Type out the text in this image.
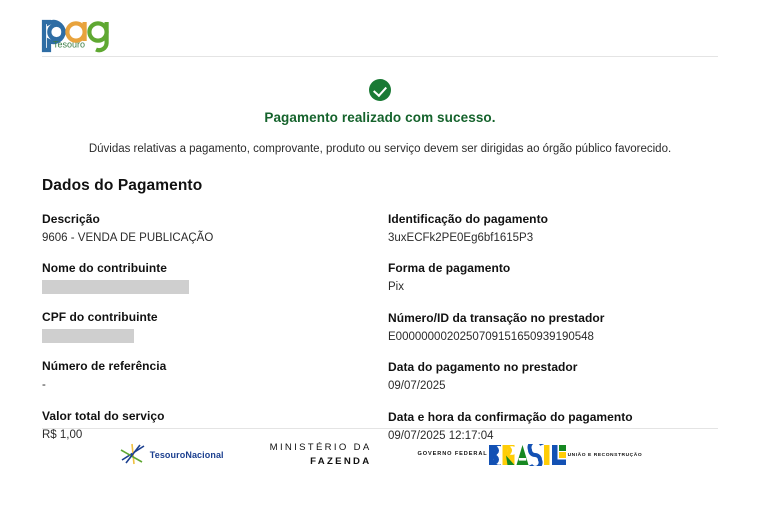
Tesouro
Pagamento realizado com sucesso.
Dúvidas relativas a pagamento, comprovante, produto ou serviço devem ser dirigidas ao órgão público favorecido.
Dados do Pagamento
Descrição
9606 - VENDA DE PUBLICAÇÃO
Nome do contribuinte
CPF do contribuinte
Número de referência
-
Valor total do serviço
R$ 1,00
Identificação do pagamento
3uxECFk2PE0Eg6bf1615P3
Forma de pagamento
Pix
Número/ID da transação no prestador
E0000000020250709151650939190548
Data do pagamento no prestador
09/07/2025
Data e hora da confirmação do pagamento
09/07/2025 12:17:04
TesouroNacional
MINISTÉRIO DA
FAZENDA
GOVERNO FEDERAL	UNIÃO E RECONSTRUÇÃO
